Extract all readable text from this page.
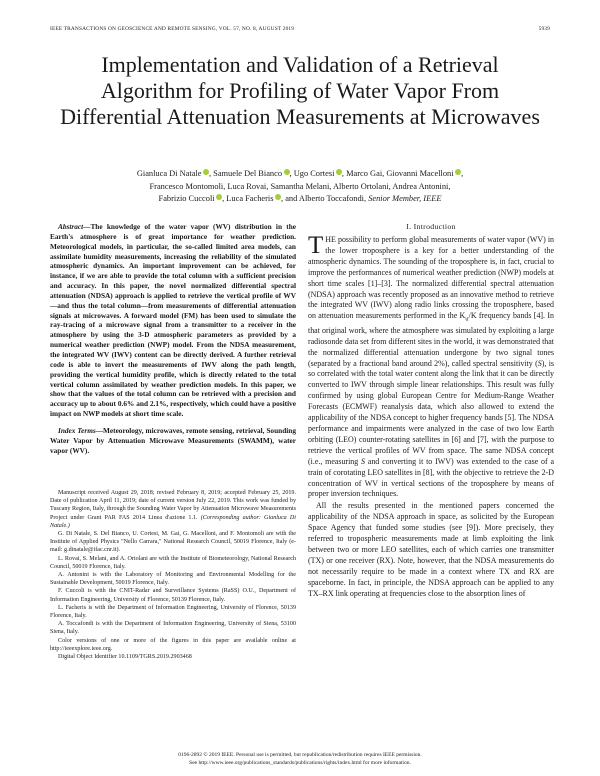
IEEE TRANSACTIONS ON GEOSCIENCE AND REMOTE SENSING, VOL. 57, NO. 8, AUGUST 2019	5939
Implementation and Validation of a Retrieval Algorithm for Profiling of Water Vapor From Differential Attenuation Measurements at Microwaves
Gianluca Di Natale , Samuele Del Bianco , Ugo Cortesi , Marco Gai, Giovanni Macelloni ,
Francesco Montomoli, Luca Rovai, Samantha Melani, Alberto Ortolani, Andrea Antonini,
Fabrizio Cuccoli , Luca Facheris , and Alberto Toccafondi, Senior Member, IEEE

Abstract—The knowledge of the water vapor (WV) distribution in the Earth's atmosphere is of great importance for weather prediction. Meteorological models, in particular, the so-called limited area models, can assimilate humidity measurements, increasing the reliability of the simulated atmospheric dynamics. An important improvement can be achieved, for instance, if we are able to provide the total column with a sufficient precision and accuracy. In this paper, the novel normalized differential spectral attenuation (NDSA) approach is applied to retrieve the vertical profile of WV—and thus the total column—from measurements of differential attenuation signals at microwaves. A forward model (FM) has been used to simulate the ray-tracing of a microwave signal from a transmitter to a receiver in the atmosphere by using the 3-D atmospheric parameters as provided by a numerical weather prediction (NWP) model. From the NDSA measurement, the integrated WV (IWV) content can be directly derived. A further retrieval code is able to invert the measurements of IWV along the path length, providing the vertical humidity profile, which is directly related to the total vertical column assimilated by weather prediction models. In this paper, we show that the values of the total column can be retrieved with a precision and accuracy up to about 0.6% and 2.1%, respectively, which could have a positive impact on NWP models at short time scale.

Index Terms—Meteorology, microwaves, remote sensing, retrieval, Sounding Water Vapor by Attenuation Microwave Measurements (SWAMM), water vapor (WV).

Manuscript received August 29, 2018; revised February 8, 2019; accepted February 25, 2019. Date of publication April 11, 2019; date of current version July 22, 2019. This work was funded by Tuscany Region, Italy, through the Sounding Water Vapor by Attenuation Microwave Measurements Project under Grant PAR FAS 2014 Linea d'azione 1.1. (Corresponding author: Gianluca Di Natale.)

G. Di Natale, S. Del Bianco, U. Cortesi, M. Gai, G. Macelloni, and F. Montomoli are with the Institute of Applied Physics "Nello Carrara," National Research Council, 50019 Florence, Italy (e-mail: g.dinatale@ifac.cnr.it).

L. Rovai, S. Melani, and A. Ortolani are with the Institute of Biometeorology, National Research Council, 50019 Florence, Italy.

A. Antonini is with the Laboratory of Monitoring and Environmental Modelling for the Sustainable Development, 50019 Florence, Italy.

F. Cuccoli is with the CNIT-Radar and Surveillance Systems (RaSS) O.U., Department of Information Engineering, University of Florence, 50139 Florence, Italy.

L. Facheris is with the Department of Information Engineering, University of Florence, 50139 Florence, Italy.

A. Toccafondi is with the Department of Information Engineering, University of Siena, 53100 Siena, Italy.

Color versions of one or more of the figures in this paper are available online at http://ieeexplore.ieee.org.

Digital Object Identifier 10.1109/TGRS.2019.2903468

I. Introduction

THE possibility to perform global measurements of water vapor (WV) in the lower troposphere is a key for a better understanding of the atmospheric dynamics. The sounding of the troposphere is, in fact, crucial to improve the performances of numerical weather prediction (NWP) models at short time scales [1]–[3]. The normalized differential spectral attenuation (NDSA) approach was recently proposed as an innovative method to retrieve the integrated WV (IWV) along radio links crossing the troposphere, based on attenuation measurements performed in the $K_u/K$ frequency bands [4]. In that original work, where the atmosphere was simulated by exploiting a large radiosonde data set from different sites in the world, it was demonstrated that the normalized differential attenuation undergone by two signal tones (separated by a fractional band around 2%), called spectral sensitivity (S), is so correlated with the total water content along the link that it can be directly converted to IWV through simple linear relationships. This result was fully confirmed by using global European Centre for Medium-Range Weather Forecasts (ECMWF) reanalysis data, which also allowed to extend the applicability of the NDSA concept to higher frequency bands [5]. The NDSA performance and impairments were analyzed in the case of two low Earth orbiting (LEO) counter-rotating satellites in [6] and [7], with the purpose to retrieve the vertical profiles of WV from space. The same NDSA concept (i.e., measuring S and converting it to IWV) was extended to the case of a train of corotating LEO satellites in [8], with the objective to retrieve the 2-D concentration of WV in vertical sections of the troposphere by means of proper inversion techniques.

All the results presented in the mentioned papers concerned the applicability of the NDSA approach in space, as solicited by the European Space Agency that funded some studies (see [9]). More precisely, they referred to tropospheric measurements made at limb exploiting the link between two or more LEO satellites, each of which carries one transmitter (TX) or one receiver (RX). Note, however, that the NDSA measurements do not necessarily require to be made in a context where TX and RX are spaceborne. In fact, in principle, the NDSA approach can be applied to any TX–RX link operating at frequencies close to the absorption lines of

0196-2892 © 2019 IEEE. Personal use is permitted, but republication/redistribution requires IEEE permission.
See http://www.ieee.org/publications_standards/publications/rights/index.html for more information.
